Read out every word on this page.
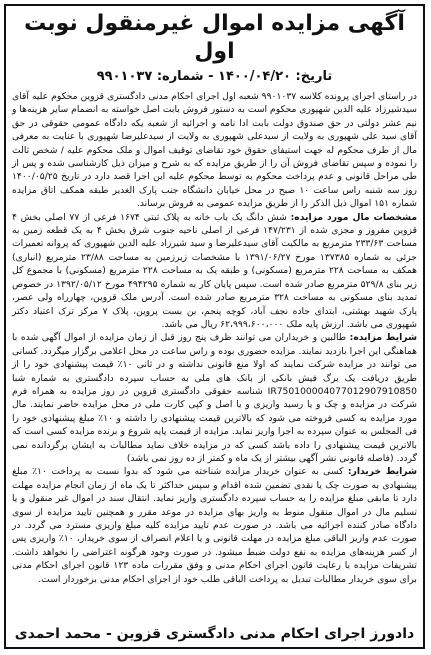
آگهی مزایده اموال غیرمنقول نوبت اول
تاریخ: ۱۴۰۰/۰۴/۲۰ - شماره: ۹۹۰۱۰۳۷

در راستای اجرای پرونده کلاسه ۹۹۰۱۰۳۷ شعبه اول اجرای احکام مدنی دادگستری قزوین محکوم علیه آقای سیدشیرزاد علیه الدین شهپوری محکوم است به دستور فروش بابت اصل خواسته به انضمام سایر هزینه‌ها و نیم عشر دولتی در حق صندوق دولت بابت ادا نامه و اجرائیه از شعبه یکه دادگاه عمومی حقوقی در حق آقای سید علی شهپوری به ولایت از سیدعلی شهپوری به ولایت از سیدعلیرضا شهپوری با عنایت به معرفی مال از طرف محکوم له جهت استیفای حقوق خود تقاضای توقیف اموال و ملک محکوم علیه / شخص ثالث را نموده و سپس تقاضای فروش آن را از طریق مزایده که به شرح و میزان ذیل کارشناسی شده و پس از طی مراحل قانونی و عدم پرداخت محکوم به توسط محکوم علیه این اجرا قصد دارد در تاریخ ۱۴۰۰/۰۵/۲۵ روز سه شنبه راس ساعت ۱۰ صبح در محل خیابان دانشگاه جنب پارک الغدیر طبقه همکف اتاق مزایده شماره ۱۵۱ اموال ذیل الذکر را از طریق مزایده عمومی به فروش برساند.

مشخصات مال مورد مزایده: شش دانگ یک باب خانه به پلاک ثبتی ۱۶۷۴ فرعی از ۷۷ اصلی بخش ۴ قزوین مفروز و مجزی شده از ۱۴۷/۲۳۱ فرعی از اصلی ناحیه جنوب شرق بخش ۴ به یک قطعه زمین به مساحت ۲۳۳/۶۳ مترمربع به مالکیت آقای سیدعلیرضا و سید شیرزاد علیه الدین شهپوری که پروانه تعمیرات جزئی به شماره ۱۳۷۳۸۵ مورخ ۱۳۹۱/۰۶/۲۷ با مشخصات زیرزمین به مساحت ۲۳/۸۸ مترمربع (انباری) همکف به مساحت ۲۲۸ مترمربع (مسکونی) و طبقه یک به مساحت ۲۲۸ مترمربع (مسکونی) با مجموع کل زیر بنای ۵۲۹/۸ مترمربع صادر شده است. سپس پایان کار به شماره ۴۹۴۲۹۵ مورخ ۱۳۹۲/۰۵/۱۲ در خصوص تمدید بنای مسکونی به مساحت ۳۲۸ مترمربع صادر شده است. آدرس ملک قزوین، چهارراه ولی عصر، پارک شهید بهشتی، ابتدای جاده نجف آباد، کوچه پنجم، بن بست پروین، پلاک ۷ مرکز ترک اعتیاد دکتر شهپوری می باشد. ارزش پایه ملک ۶۲،۹۹۹،۶۰۰،۰۰۰ ریال می باشد.

شرایط مزایده: طالبین و خریداران می توانند ظرف پنج روز قبل از زمان مزایده از اموال آگهی شده با هماهنگی این اجرا بازدید نمایند. مزایده حضوری بوده و راس ساعت در محل اعلامی برگزار میگردد. کسانی می توانند در مزایده شرکت نمایند که اولا منع قانونی نداشته و در ثانی ۱۰٪ قیمت پیشنهادی خود را از طریق دریافت یک برگ فیش بانکی از بانک های ملی به حساب سپرده دادگستری به شماره شبا IR750100004077012907910850 شناسه حقوقی دادگستری قزوین در روز مزایده به همراه فرم شرکت در مزایده و چک و یا رسید واریزی و یا اصل و کپی کارت ملی در محل مزایده حاضر نمایند. مال مورد مزایده به کسی فروخته می شود که بالاترین قیمت پیشنهادی را داشته و ۱۰٪ مبلغ پیشنهادی خود را فی المجلس به عنوان سپرده به اجرا واریز نماید. مزایده از قیمت پایه شروع و برنده مزایده کسی است که بالاترین قیمت پیشنهادی را داده باشد کسی که در مزایده خلاف نماید مطالبات به ایشان برگردانده نمی گردد. (فاصله قانونی نشر آگهی بیشتر از یک ماه و کمتر از ده روز نمی باشد)

شرایط خریدار: کسی به عنوان خریدار مزایده شناخته می شود که بدوا نسبت به پرداخت ۱۰٪ مبلغ پیشنهادی به صورت چک یا نقدی تضمین شده اقدام و سپس حداکثر تا یک ماه از زمان انجام مزایده مهلت دارد تا مابقی مبلغ مزایده را به حساب سپرده دادگستری واریز نماید. انتقال سند در اموال غیر منقول و یا تسلیم مال در اموال منقول منوط به واریز بهای مزایده در موعد مقرر و همچنین تایید مزایده از سوی دادگاه صادر کننده اجرائیه می باشد. در صورت عدم تایید مزایده کلیه مبلغ واریزی مسترد می گردد. در صورت عدم واریز الباقی مبلغ مزایده در مهلت قانونی و یا اعلام انصراف از سوی خریدار، ۱۰٪ واریزی پس از کسر هزینه‌های مزایده به نفع دولت ضبط میشود. در صورت وجود هرگونه اعتراضی را نخواهد داشت. تشریفات مزایده با رعایت قانون اجرای احکام مدنی و وفق مقررات ماده ۱۲۳ قانون اجرای احکام مدنی برای سوی خریدار مطالبات تبدیل به پرداخت الباقی طلب خود از اجرای احکام مدنی برخوردار است.

دادورز اجرای احکام مدنی دادگستری قزوین - محمد احمدی
